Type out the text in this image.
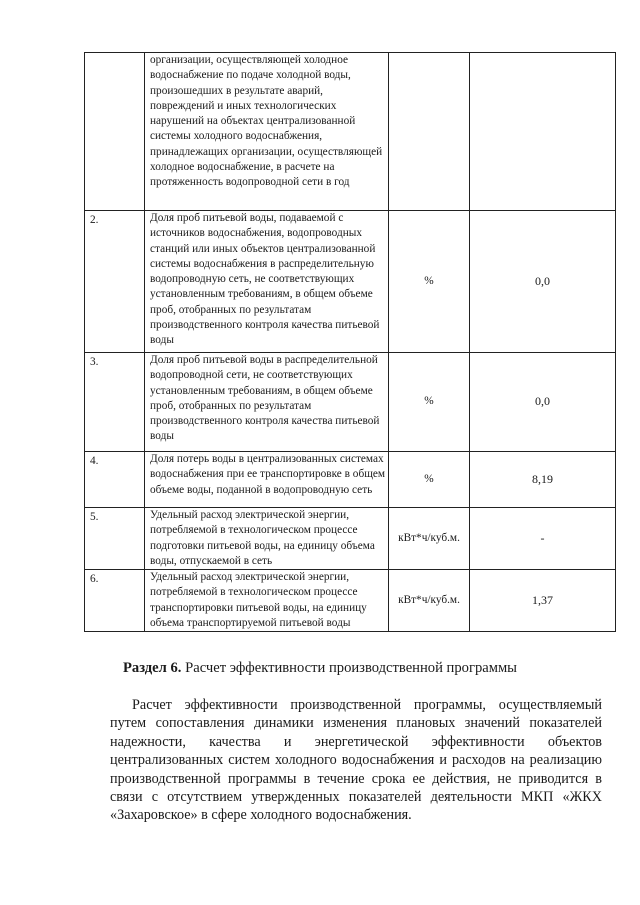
	организации, осуществляющей холодное водоснабжение по подаче холодной воды, произошедших в результате аварий, повреждений и иных технологических нарушений на объектах централизованной системы холодного водоснабжения, принадлежащих организации, осуществляющей холодное водоснабжение, в расчете на протяженность водопроводной сети в год		
2.	Доля проб питьевой воды, подаваемой с источников водоснабжения, водопроводных станций или иных объектов централизованной системы водоснабжения в распределительную водопроводную сеть, не соответствующих установленным требованиям, в общем объеме проб, отобранных по результатам производственного контроля качества питьевой воды	%	0,0
3.	Доля проб питьевой воды в распределительной водопроводной сети, не соответствующих установленным требованиям, в общем объеме проб, отобранных по результатам производственного контроля качества питьевой воды	%	0,0
4.	Доля потерь воды в централизованных системах водоснабжения при ее транспортировке в общем объеме воды, поданной в водопроводную сеть	%	8,19
5.	Удельный расход электрической энергии, потребляемой в технологическом процессе подготовки питьевой воды, на единицу объема воды, отпускаемой в сеть	кВт*ч/куб.м.	-
6.	Удельный расход электрической энергии, потребляемой в технологическом процессе транспортировки питьевой воды, на единицу объема транспортируемой питьевой воды	кВт*ч/куб.м.	1,37
Раздел 6. Расчет эффективности производственной программы
Расчет эффективности производственной программы, осуществляемый путем сопоставления динамики изменения плановых значений показателей надежности, качества и энергетической эффективности объектов централизованных систем холодного водоснабжения и расходов на реализацию производственной программы в течение срока ее действия, не приводится в связи с отсутствием утвержденных показателей деятельности МКП «ЖКХ «Захаровское» в сфере холодного водоснабжения.
